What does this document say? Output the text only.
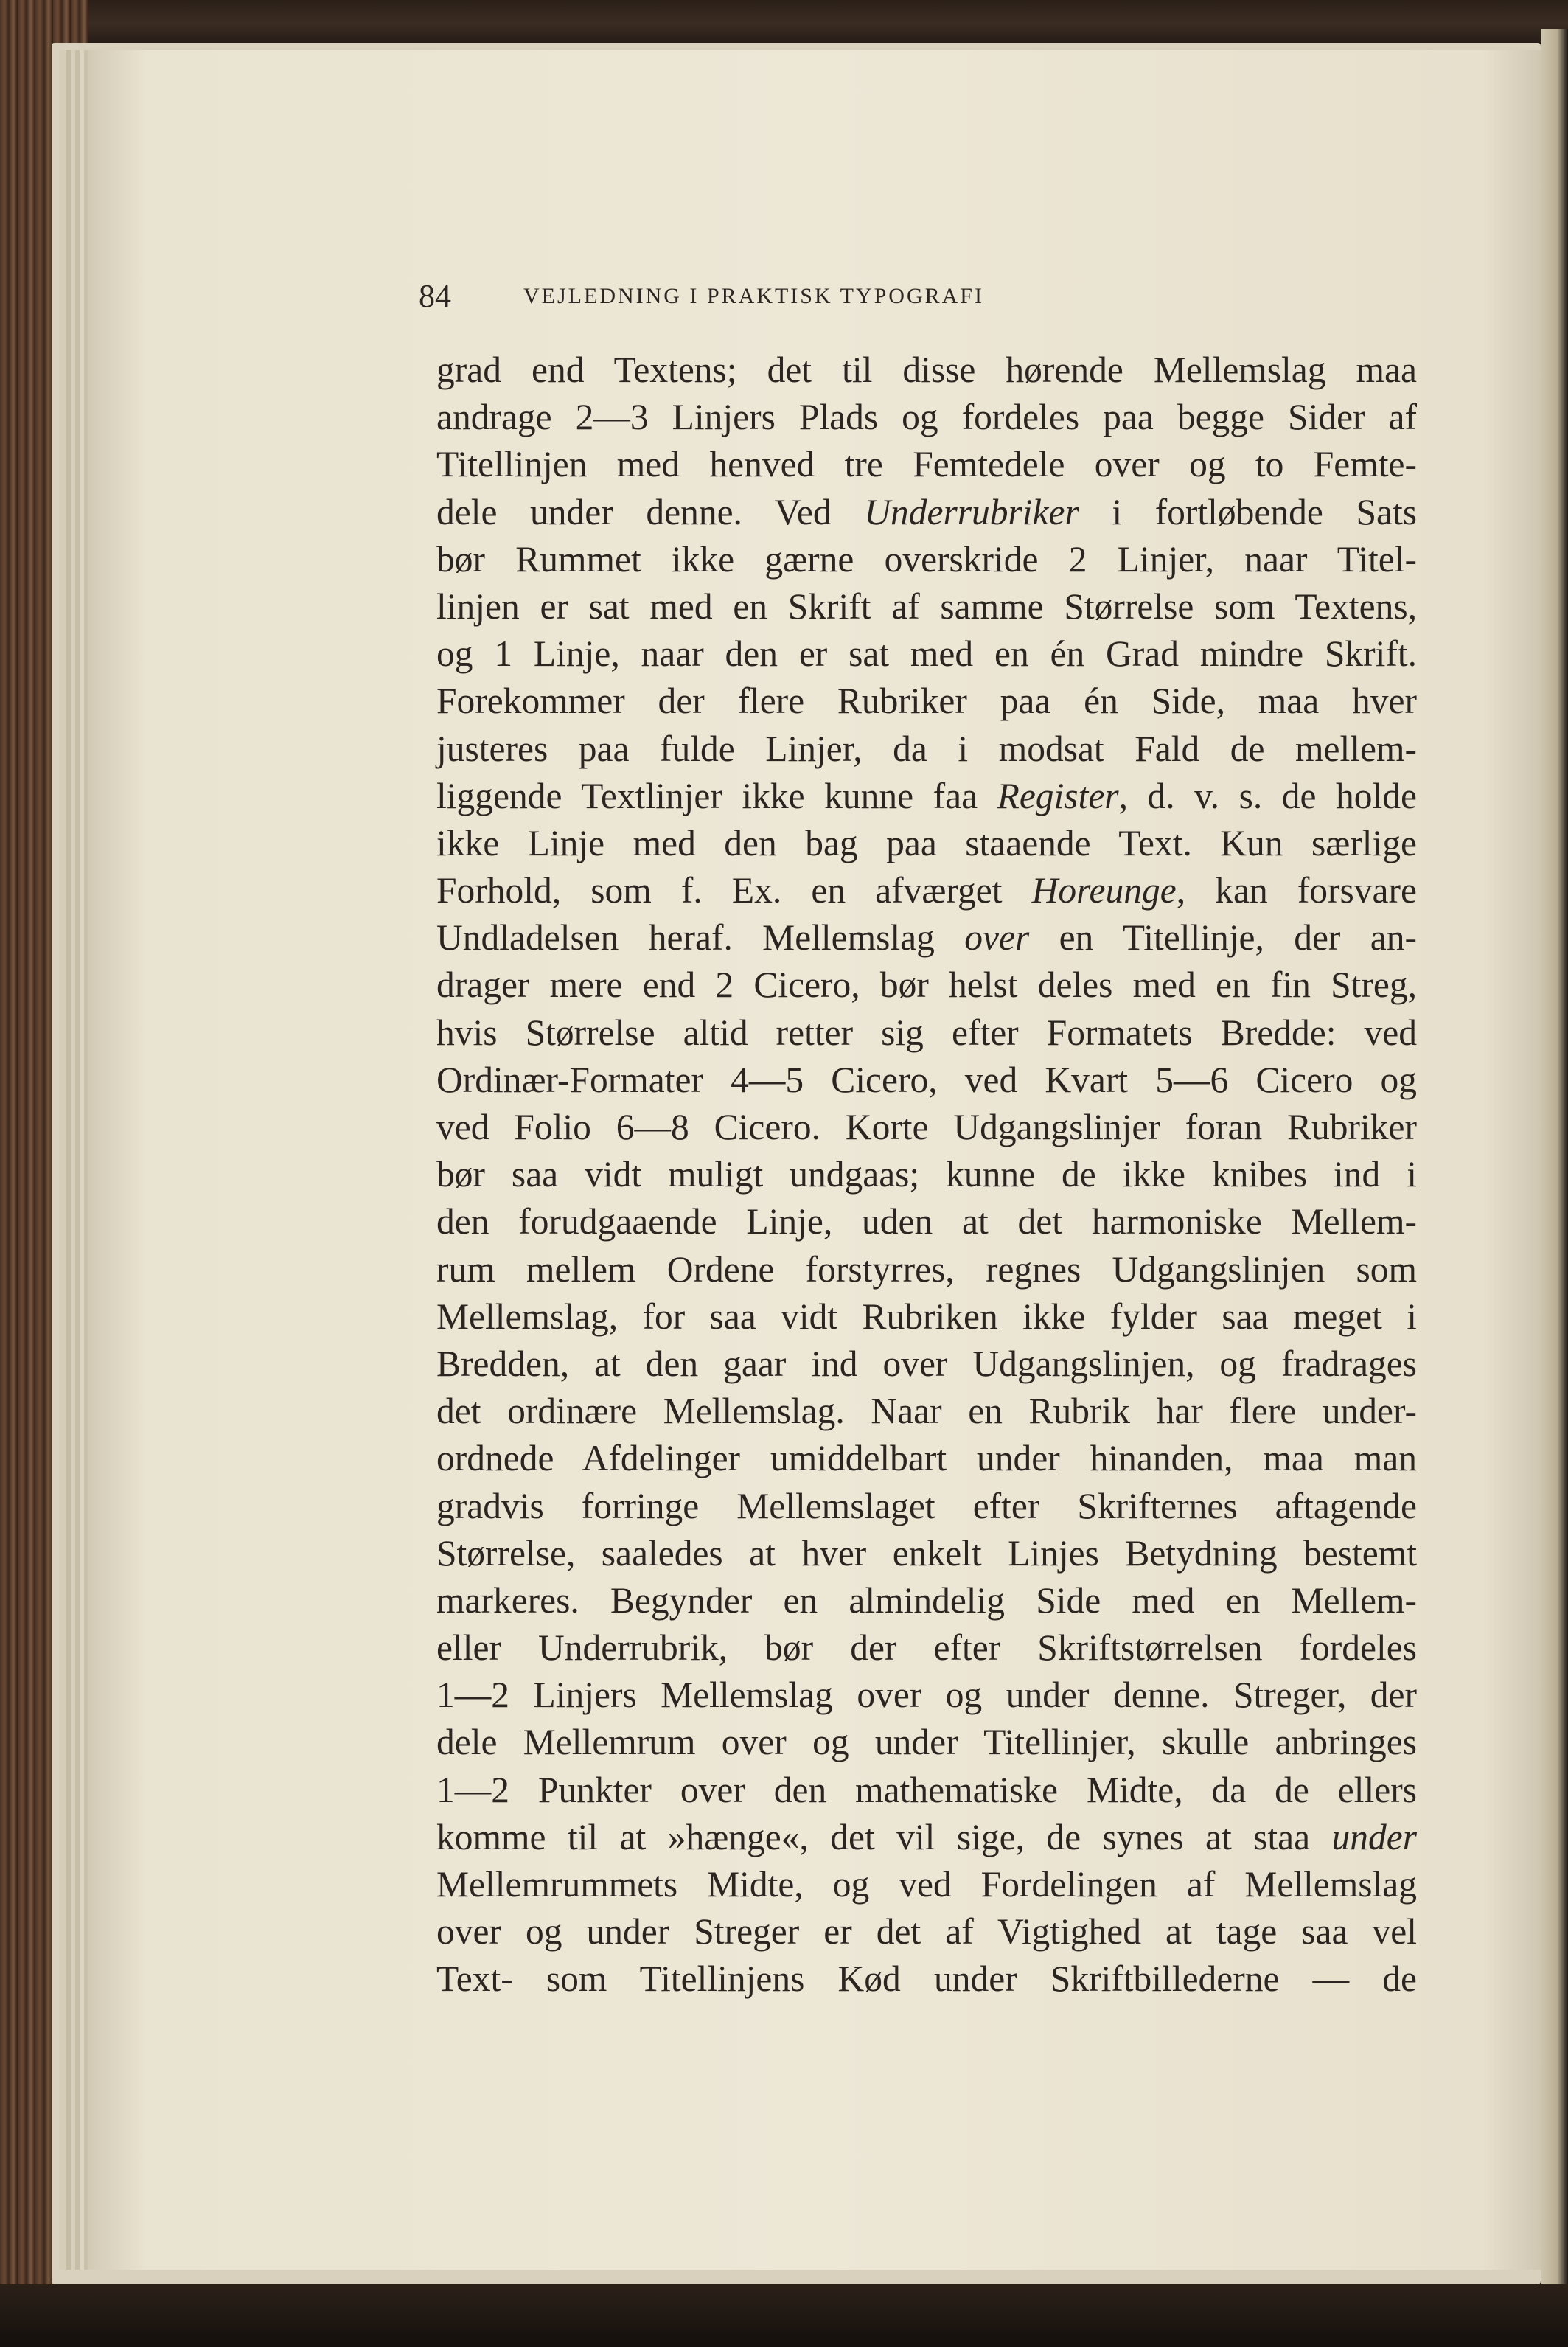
84	VEJLEDNING I PRAKTISK TYPOGRAFI
grad end Textens; det til disse hørende Mellemslag maa
andrage 2—3 Linjers Plads og fordeles paa begge Sider af
Titellinjen med henved tre Femtedele over og to Femte-
dele under denne. Ved Underrubriker i fortløbende Sats
bør Rummet ikke gærne overskride 2 Linjer, naar Titel-
linjen er sat med en Skrift af samme Størrelse som Textens,
og 1 Linje, naar den er sat med en én Grad mindre Skrift.
Forekommer der flere Rubriker paa én Side, maa hver
justeres paa fulde Linjer, da i modsat Fald de mellem-
liggende Textlinjer ikke kunne faa Register, d. v. s. de holde
ikke Linje med den bag paa staaende Text. Kun særlige
Forhold, som f. Ex. en afværget Horeunge, kan forsvare
Undladelsen heraf. Mellemslag over en Titellinje, der an-
drager mere end 2 Cicero, bør helst deles med en fin Streg,
hvis Størrelse altid retter sig efter Formatets Bredde: ved
Ordinær-Formater 4—5 Cicero, ved Kvart 5—6 Cicero og
ved Folio 6—8 Cicero. Korte Udgangslinjer foran Rubriker
bør saa vidt muligt undgaas; kunne de ikke knibes ind i
den forudgaaende Linje, uden at det harmoniske Mellem-
rum mellem Ordene forstyrres, regnes Udgangslinjen som
Mellemslag, for saa vidt Rubriken ikke fylder saa meget i
Bredden, at den gaar ind over Udgangslinjen, og fradrages
det ordinære Mellemslag. Naar en Rubrik har flere under-
ordnede Afdelinger umiddelbart under hinanden, maa man
gradvis forringe Mellemslaget efter Skrifternes aftagende
Størrelse, saaledes at hver enkelt Linjes Betydning bestemt
markeres. Begynder en almindelig Side med en Mellem-
eller Underrubrik, bør der efter Skriftstørrelsen fordeles
1—2 Linjers Mellemslag over og under denne. Streger, der
dele Mellemrum over og under Titellinjer, skulle anbringes
1—2 Punkter over den mathematiske Midte, da de ellers
komme til at »hænge«, det vil sige, de synes at staa under
Mellemrummets Midte, og ved Fordelingen af Mellemslag
over og under Streger er det af Vigtighed at tage saa vel
Text- som Titellinjens Kød under Skriftbillederne — de
